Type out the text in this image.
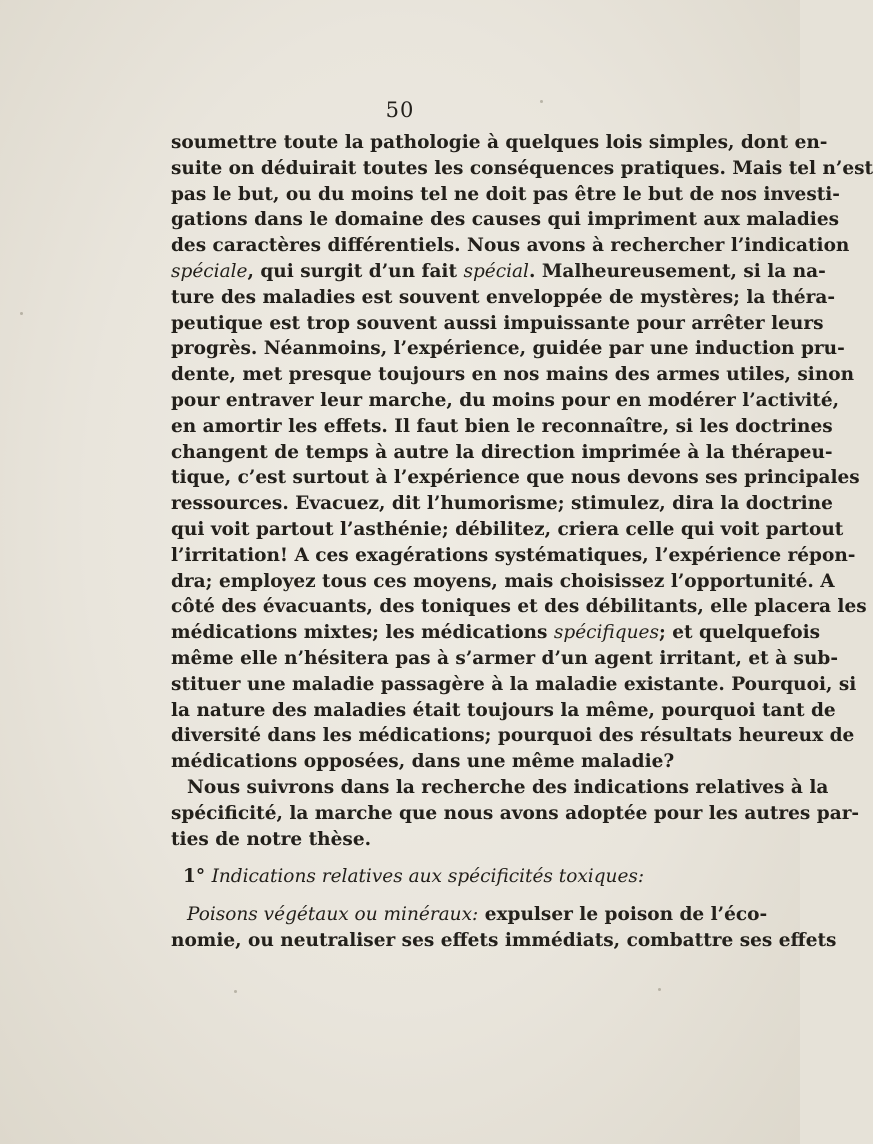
50
soumettre toute la pathologie à quelques lois simples, dont en-
suite on déduirait toutes les conséquences pratiques. Mais tel n’est
pas le but, ou du moins tel ne doit pas être le but de nos investi-
gations dans le domaine des causes qui impriment aux maladies
des caractères différentiels. Nous avons à rechercher l’indication
spéciale, qui surgit d’un fait spécial. Malheureusement, si la na-
ture des maladies est souvent enveloppée de mystères; la théra-
peutique est trop souvent aussi impuissante pour arrêter leurs
progrès. Néanmoins, l’expérience, guidée par une induction pru-
dente, met presque toujours en nos mains des armes utiles, sinon
pour entraver leur marche, du moins pour en modérer l’activité,
en amortir les effets. Il faut bien le reconnaître, si les doctrines
changent de temps à autre la direction imprimée à la thérapeu-
tique, c’est surtout à l’expérience que nous devons ses principales
ressources. Evacuez, dit l’humorisme; stimulez, dira la doctrine
qui voit partout l’asthénie; débilitez, criera celle qui voit partout
l’irritation! A ces exagérations systématiques, l’expérience répon-
dra; employez tous ces moyens, mais choisissez l’opportunité. A
côté des évacuants, des toniques et des débilitants, elle placera les
médications mixtes; les médications spécifiques; et quelquefois
même elle n’hésitera pas à s’armer d’un agent irritant, et à sub-
stituer une maladie passagère à la maladie existante. Pourquoi, si
la nature des maladies était toujours la même, pourquoi tant de
diversité dans les médications; pourquoi des résultats heureux de
médications opposées, dans une même maladie?
Nous suivrons dans la recherche des indications relatives à la
spécificité, la marche que nous avons adoptée pour les autres par-
ties de notre thèse.
1° Indications relatives aux spécificités toxiques:
Poisons végétaux ou minéraux: expulser le poison de l’éco-
nomie, ou neutraliser ses effets immédiats, combattre ses effets
